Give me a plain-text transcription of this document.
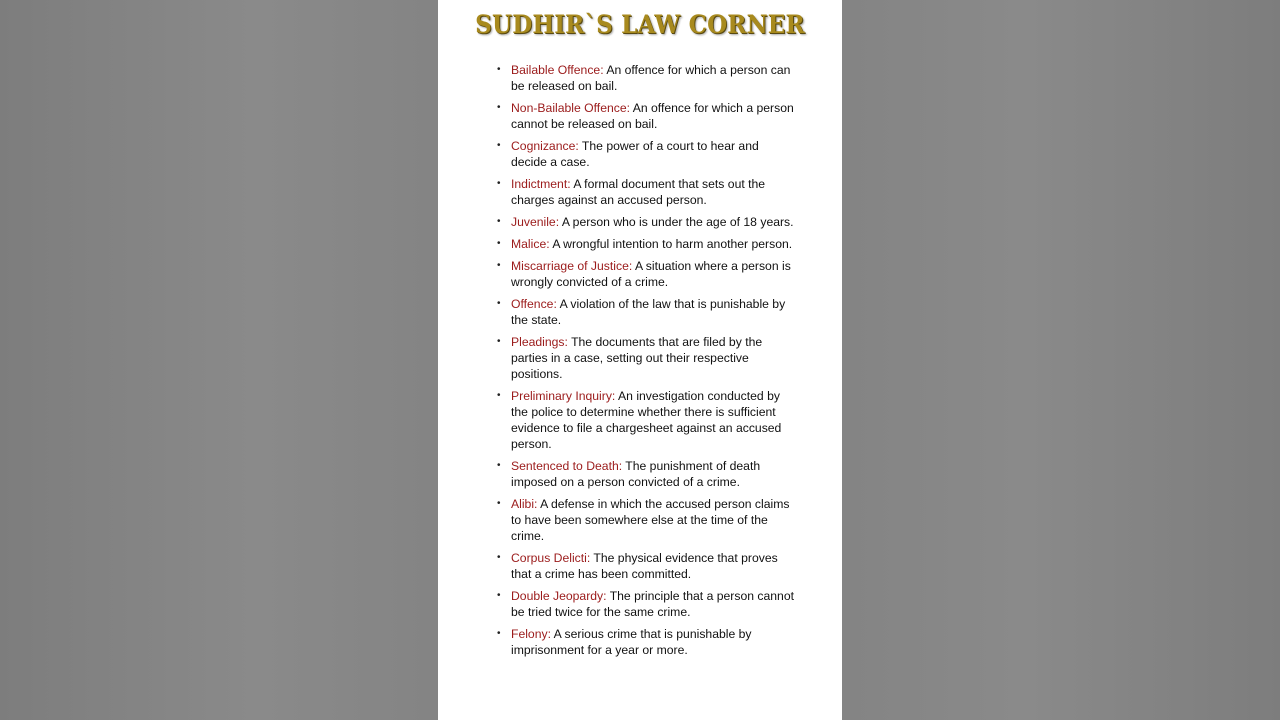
SUDHIR`S LAW CORNER
• Bailable Offence: An offence for which a person can be released on bail.
• Non-Bailable Offence: An offence for which a person cannot be released on bail.
• Cognizance: The power of a court to hear and decide a case.
• Indictment: A formal document that sets out the charges against an accused person.
• Juvenile: A person who is under the age of 18 years.
• Malice: A wrongful intention to harm another person.
• Miscarriage of Justice: A situation where a person is wrongly convicted of a crime.
• Offence: A violation of the law that is punishable by the state.
• Pleadings: The documents that are filed by the parties in a case, setting out their respective positions.
• Preliminary Inquiry: An investigation conducted by the police to determine whether there is sufficient evidence to file a chargesheet against an accused person.
• Sentenced to Death: The punishment of death imposed on a person convicted of a crime.
• Alibi: A defense in which the accused person claims to have been somewhere else at the time of the crime.
• Corpus Delicti: The physical evidence that proves that a crime has been committed.
• Double Jeopardy: The principle that a person cannot be tried twice for the same crime.
• Felony: A serious crime that is punishable by imprisonment for a year or more.
